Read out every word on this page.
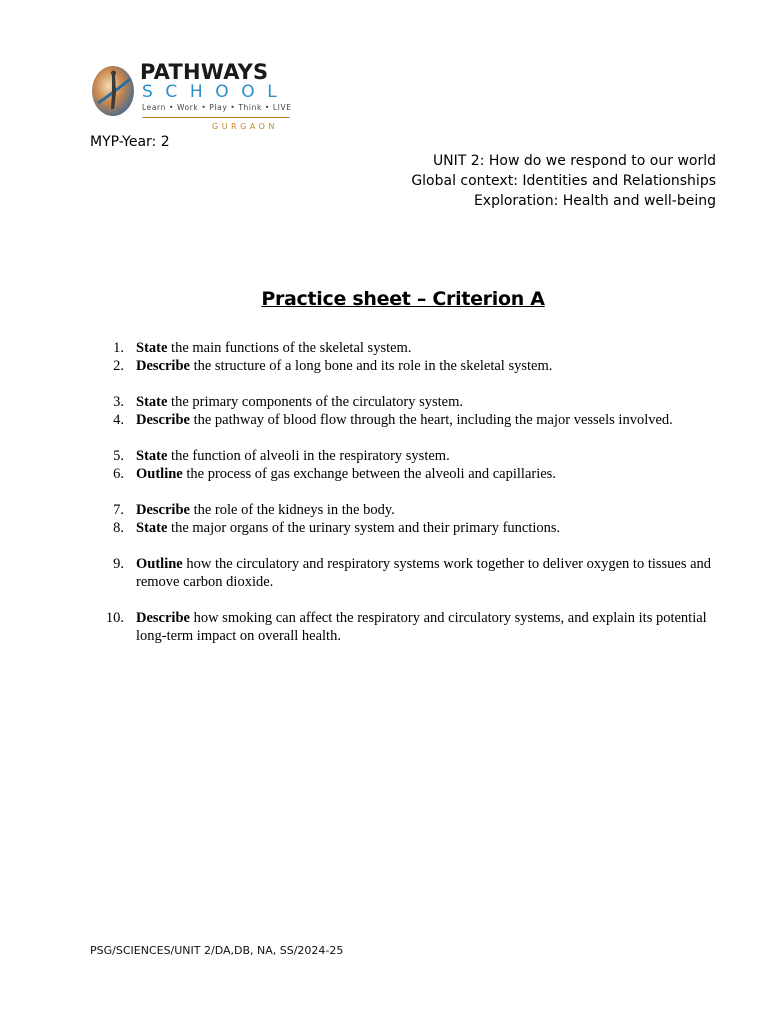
PATHWAYS
SCHOOL
Learn • Work • Play • Think • LIVE
GURGAON
MYP-Year: 2
UNIT 2: How do we respond to our world
Global context: Identities and Relationships
Exploration: Health and well-being
Practice sheet – Criterion A
1. State the main functions of the skeletal system.
2. Describe the structure of a long bone and its role in the skeletal system.
3. State the primary components of the circulatory system.
4. Describe the pathway of blood flow through the heart, including the major vessels involved.
5. State the function of alveoli in the respiratory system.
6. Outline the process of gas exchange between the alveoli and capillaries.
7. Describe the role of the kidneys in the body.
8. State the major organs of the urinary system and their primary functions.
9. Outline how the circulatory and respiratory systems work together to deliver oxygen to tissues and remove carbon dioxide.
10. Describe how smoking can affect the respiratory and circulatory systems, and explain its potential long-term impact on overall health.
PSG/SCIENCES/UNIT 2/DA,DB, NA, SS/2024-25
